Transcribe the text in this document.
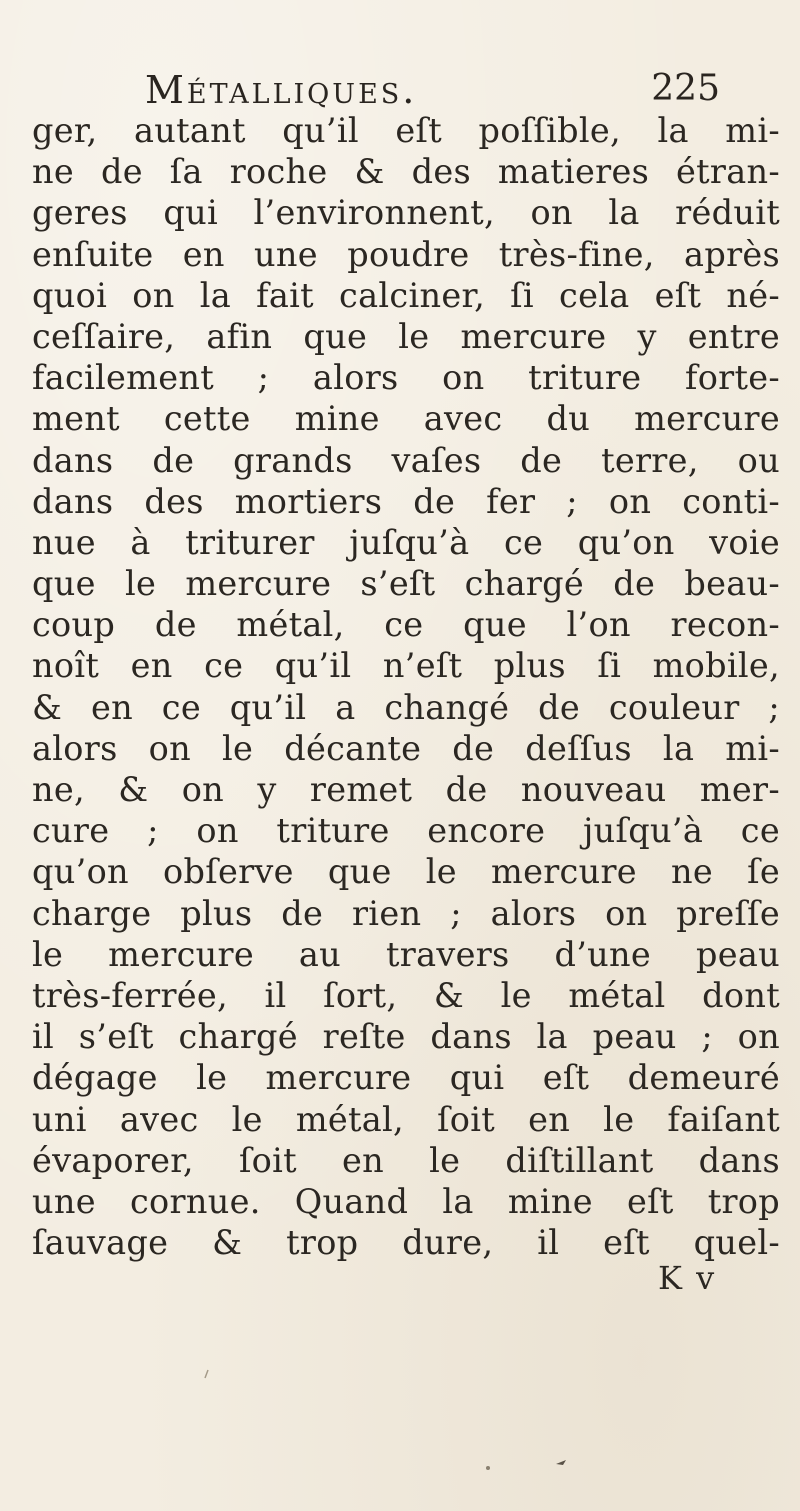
Métalliques.	225
ger, autant qu’il eſt poſſible, la mi-
ne de ſa roche & des matieres étran-
geres qui l’environnent, on la réduit
enſuite en une poudre très-fine, après
quoi on la fait calciner, ſi cela eſt né-
ceſſaire, afin que le mercure y entre
facilement ; alors on triture forte-
ment cette mine avec du mercure
dans de grands vaſes de terre, ou
dans des mortiers de fer ; on conti-
nue à triturer juſqu’à ce qu’on voie
que le mercure s’eſt chargé de beau-
coup de métal, ce que l’on recon-
noît en ce qu’il n’eſt plus ſi mobile,
& en ce qu’il a changé de couleur ;
alors on le décante de deſſus la mi-
ne, & on y remet de nouveau mer-
cure ; on triture encore juſqu’à ce
qu’on obſerve que le mercure ne ſe
charge plus de rien ; alors on preſſe
le mercure au travers d’une peau
très-ferrée, il ſort, & le métal dont
il s’eſt chargé reſte dans la peau ; on
dégage le mercure qui eſt demeuré
uni avec le métal, ſoit en le faiſant
évaporer, ſoit en le diſtillant dans
une cornue. Quand la mine eſt trop
ſauvage & trop dure, il eſt quel-
K v
